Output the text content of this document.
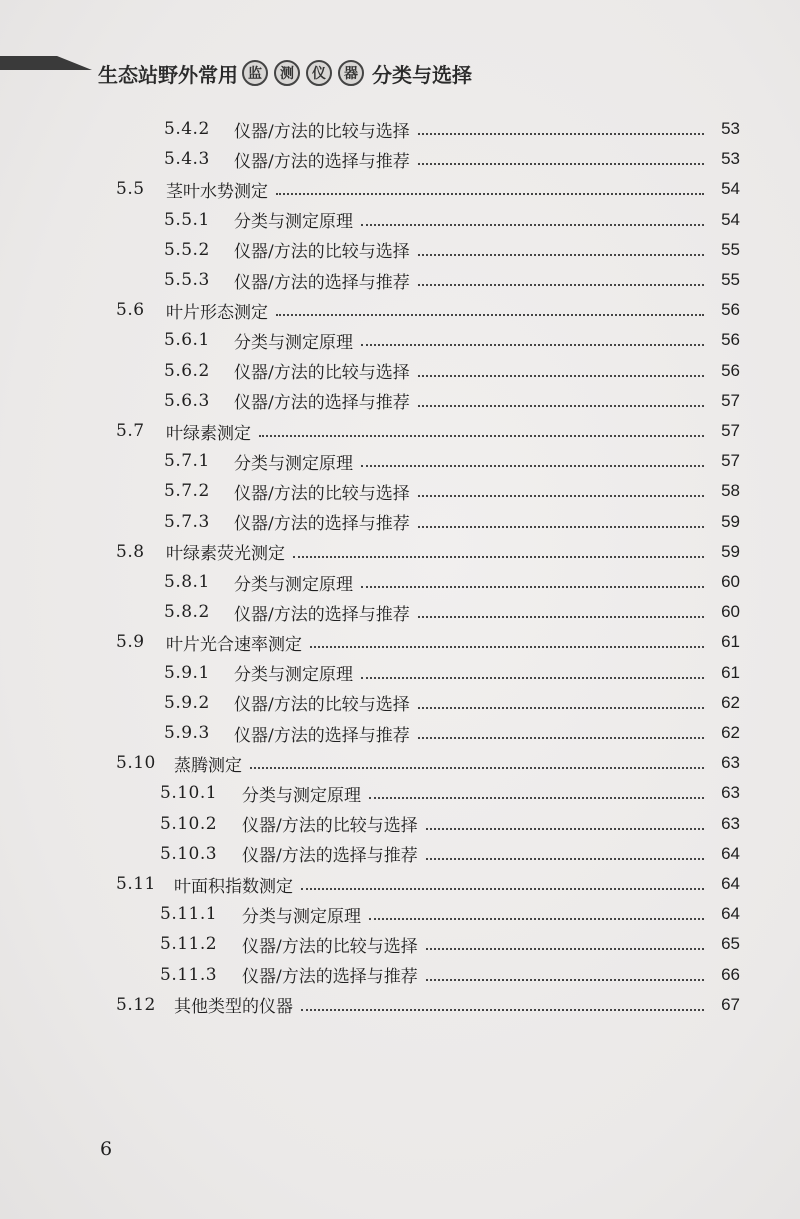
生态站野外常用 监	测	仪	器 分类与选择
5.4.2	仪器/方法的比较与选择	53
5.4.3	仪器/方法的选择与推荐	53
5.5	茎叶水势测定	54
5.5.1	分类与测定原理	54
5.5.2	仪器/方法的比较与选择	55
5.5.3	仪器/方法的选择与推荐	55
5.6	叶片形态测定	56
5.6.1	分类与测定原理	56
5.6.2	仪器/方法的比较与选择	56
5.6.3	仪器/方法的选择与推荐	57
5.7	叶绿素测定	57
5.7.1	分类与测定原理	57
5.7.2	仪器/方法的比较与选择	58
5.7.3	仪器/方法的选择与推荐	59
5.8	叶绿素荧光测定	59
5.8.1	分类与测定原理	60
5.8.2	仪器/方法的选择与推荐	60
5.9	叶片光合速率测定	61
5.9.1	分类与测定原理	61
5.9.2	仪器/方法的比较与选择	62
5.9.3	仪器/方法的选择与推荐	62
5.10	蒸腾测定	63
5.10.1	分类与测定原理	63
5.10.2	仪器/方法的比较与选择	63
5.10.3	仪器/方法的选择与推荐	64
5.11	叶面积指数测定	64
5.11.1	分类与测定原理	64
5.11.2	仪器/方法的比较与选择	65
5.11.3	仪器/方法的选择与推荐	66
5.12	其他类型的仪器	67
6
